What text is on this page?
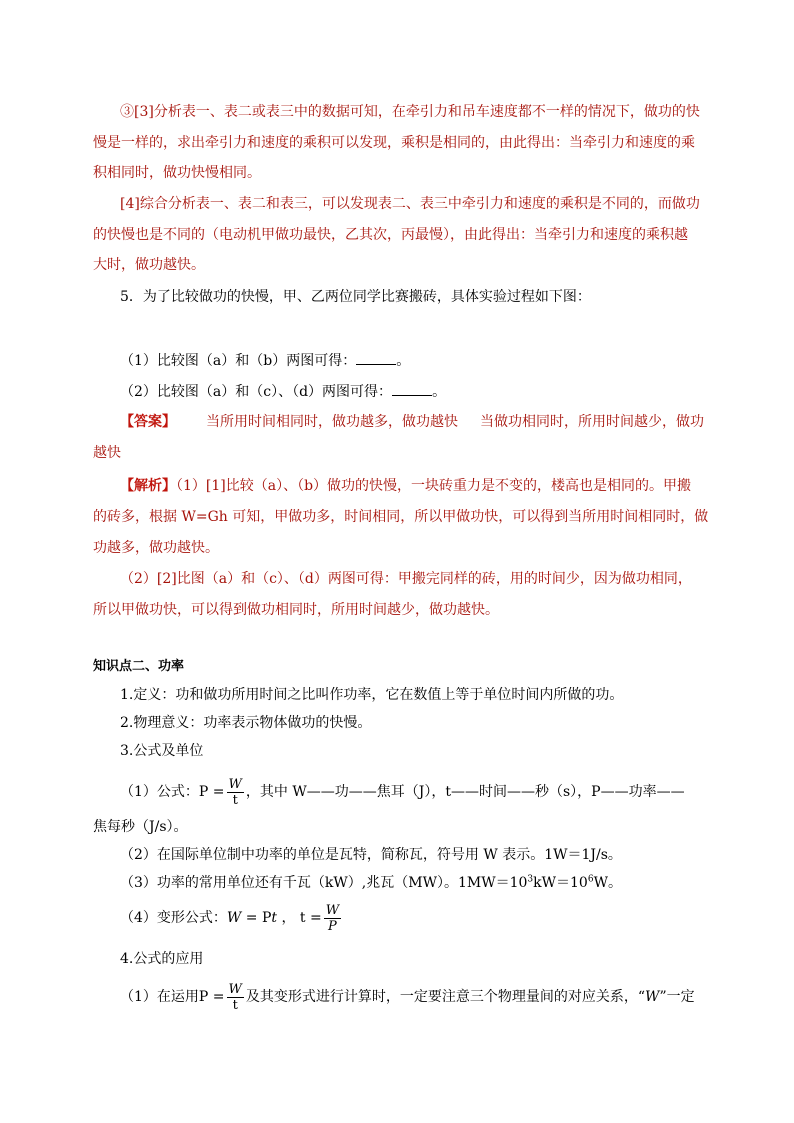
③[3]分析表一、表二或表三中的数据可知，在牵引力和吊车速度都不一样的情况下，做功的快
慢是一样的，求出牵引力和速度的乘积可以发现，乘积是相同的，由此得出：当牵引力和速度的乘
积相同时，做功快慢相同。
[4]综合分析表一、表二和表三，可以发现表二、表三中牵引力和速度的乘积是不同的，而做功
的快慢也是不同的（电动机甲做功最快，乙其次，丙最慢），由此得出：当牵引力和速度的乘积越
大时，做功越快。
5．为了比较做功的快慢，甲、乙两位同学比赛搬砖，具体实验过程如下图：
（1）比较图（a）和（b）两图可得：	。
（2）比较图（a）和（c）、（d）两图可得：	。
【答案】 当所用时间相同时，做功越多，做功越快 当做功相同时，所用时间越少，做功
越快
【解析】（1）[1]比较（a）、（b）做功的快慢，一块砖重力是不变的，楼高也是相同的。甲搬
的砖多，根据 W=Gh 可知，甲做功多，时间相同，所以甲做功快，可以得到当所用时间相同时，做
功越多，做功越快。
（2）[2]比图（a）和（c）、（d）两图可得：甲搬完同样的砖，用的时间少，因为做功相同，
所以甲做功快，可以得到做功相同时，所用时间越少，做功越快。
知识点二、功率
1.定义：功和做功所用时间之比叫作功率，它在数值上等于单位时间内所做的功。
2.物理意义：功率表示物体做功的快慢。
3.公式及单位
（1）公式：$P = \frac{W}{t}$ ，其中 W——功——焦耳（J），t——时间——秒（s），P——功率——
焦每秒（J/s）。
（2）在国际单位制中功率的单位是瓦特，简称瓦，符号用 W 表示。1W＝1J/s。
（3）功率的常用单位还有千瓦（kW）,兆瓦（MW）。$1MW=10^3kW=10^6W$。
（4）变形公式：W = Pt ， $t = \frac{W}{P}$
4.公式的应用
（1）在运用$P = \frac{W}{t}$ 及其变形式进行计算时，一定要注意三个物理量间的对应关系，“W”一定
